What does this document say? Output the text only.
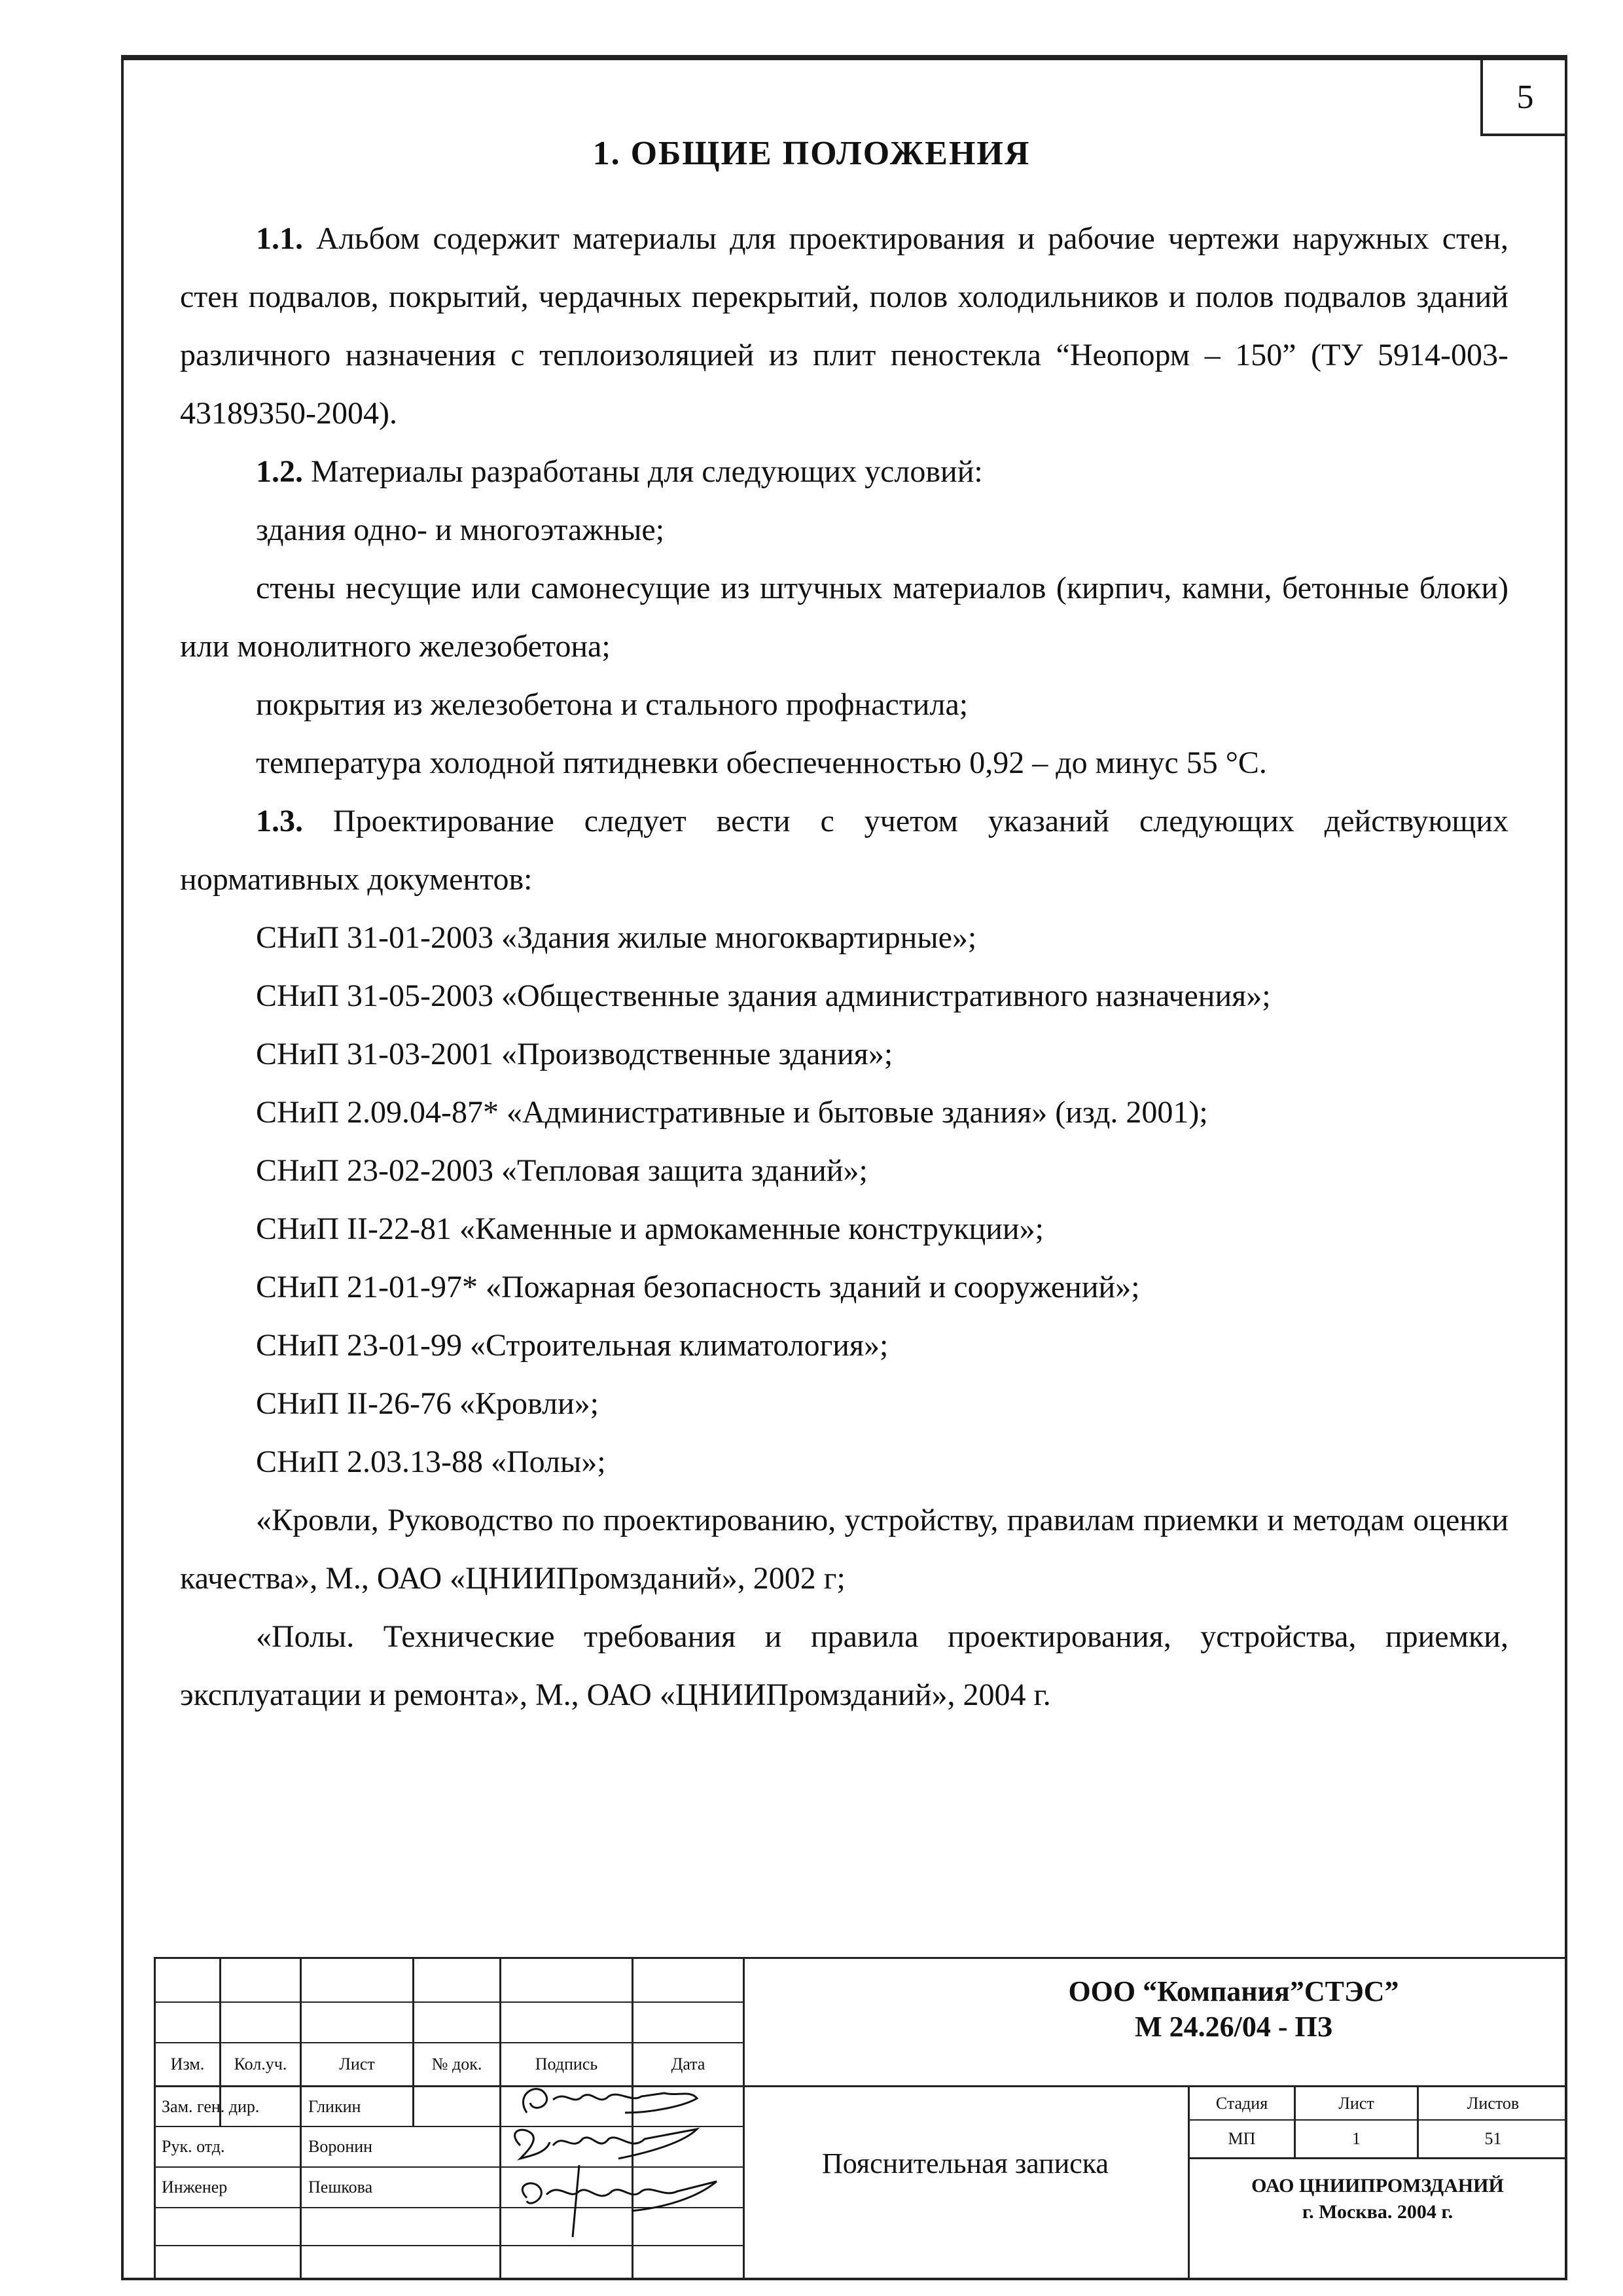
5
1. ОБЩИЕ ПОЛОЖЕНИЯ

1.1. Альбом содержит материалы для проектирования и рабочие чертежи наружных стен, стен подвалов, покрытий, чердачных перекрытий, полов холодильников и полов подвалов зданий различного назначения с теплоизоляцией из плит пеностекла “Неопорм – 150” (ТУ 5914-003-43189350-2004).

1.2. Материалы разработаны для следующих условий:

здания одно- и многоэтажные;

стены несущие или самонесущие из штучных материалов (кирпич, камни, бетонные блоки) или монолитного железобетона;

покрытия из железобетона и стального профнастила;

температура холодной пятидневки обеспеченностью 0,92 – до минус 55 °С.

1.3. Проектирование следует вести с учетом указаний следующих действующих нормативных документов:

СНиП 31-01-2003 «Здания жилые многоквартирные»;

СНиП 31-05-2003 «Общественные здания административного назначения»;

СНиП 31-03-2001 «Производственные здания»;

СНиП 2.09.04-87* «Административные и бытовые здания» (изд. 2001);

СНиП 23-02-2003 «Тепловая защита зданий»;

СНиП II-22-81 «Каменные и армокаменные конструкции»;

СНиП 21-01-97* «Пожарная безопасность зданий и сооружений»;

СНиП 23-01-99 «Строительная климатология»;

СНиП II-26-76 «Кровли»;

СНиП 2.03.13-88 «Полы»;

«Кровли, Руководство по проектированию, устройству, правилам приемки и методам оценки качества», М., ОАО «ЦНИИПромзданий», 2002 г;

«Полы. Технические требования и правила проектирования, устройства, приемки, эксплуатации и ремонта», М., ОАО «ЦНИИПромзданий», 2004 г.

ООО “Компания”СТЭС”
М 24.26/04 - ПЗ
Изм.	Кол.уч.	Лист	№ док.	Подпись	Дата
Зам. ген. дир.	Гликин
Рук. отд.	Воронин
Инженер	Пешкова
Пояснительная записка
Стадия	Лист	Листов
МП	1	51
ОАО ЦНИИПРОМЗДАНИЙ
г. Москва. 2004 г.
